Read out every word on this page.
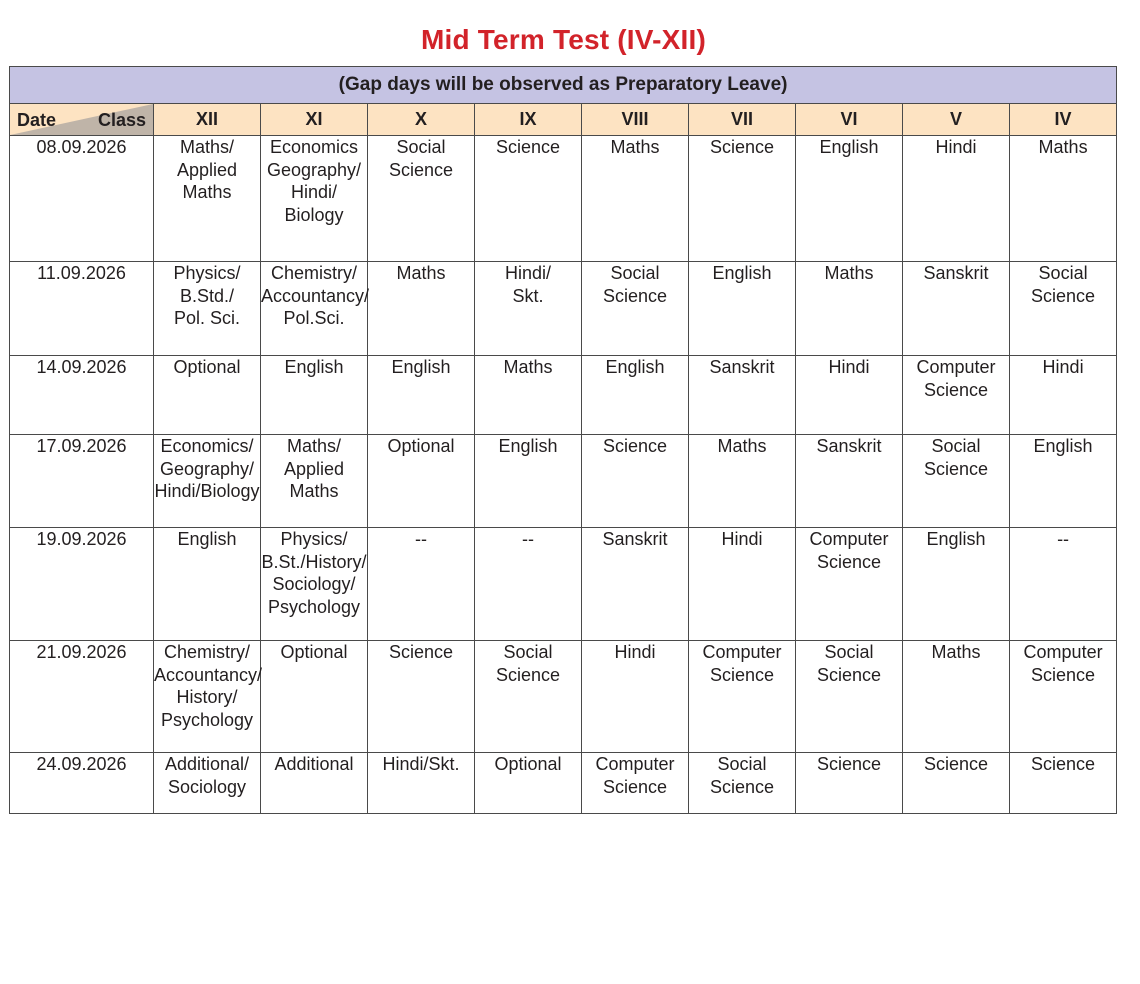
Mid Term Test (IV-XII)
(Gap days will be observed as Preparatory Leave)									

Date Class	XII	XI	X	IX	VIII	VII	VI	V	IV
08.09.2026	Maths/
Applied
Maths	Economics
Geography/
Hindi/
Biology	Social
Science	Science	Maths	Science	English	Hindi	Maths

11.09.2026	Physics/
B.Std./
Pol. Sci.	Chemistry/
Accountancy/
Pol.Sci.	Maths	Hindi/
Skt.	Social
Science	English	Maths	Sanskrit	Social
Science

14.09.2026	Optional	English	English	Maths	English	Sanskrit	Hindi	Computer
Science	Hindi

17.09.2026	Economics/
Geography/
Hindi/Biology	Maths/
Applied
Maths	Optional	English	Science	Maths	Sanskrit	Social
Science	English

19.09.2026	English	Physics/
B.St./History/
Sociology/
Psychology	--	--	Sanskrit	Hindi	Computer
Science	English	--

21.09.2026	Chemistry/
Accountancy/
History/
Psychology	Optional	Science	Social
Science	Hindi	Computer
Science	Social
Science	Maths	Computer
Science

24.09.2026	Additional/
Sociology	Additional	Hindi/Skt.	Optional	Computer
Science	Social
Science	Science	Science	Science
